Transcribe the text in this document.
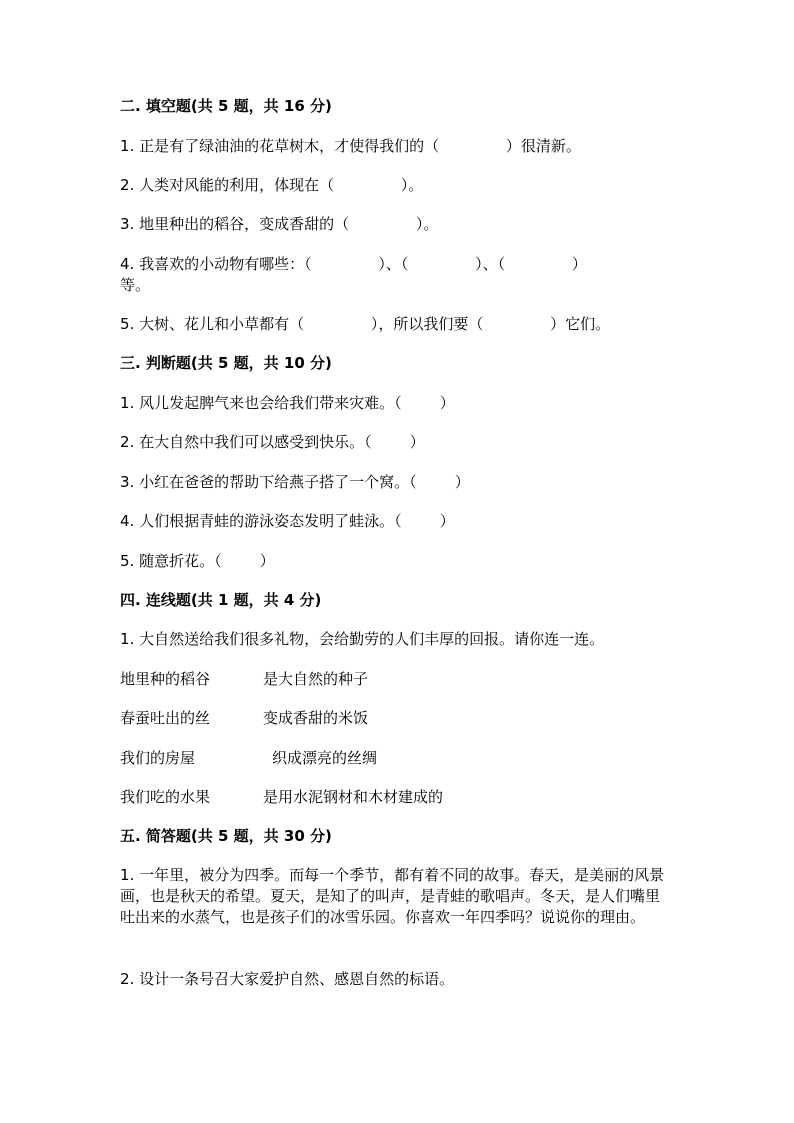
二. 填空题(共 5 题，共 16 分)
1. 正是有了绿油油的花草树木，才使得我们的（              ）很清新。
2. 人类对风能的利用，体现在（              ）。
3. 地里种出的稻谷，变成香甜的（              ）。
4. 我喜欢的小动物有哪些：（              ）、（              ）、（              ）
等。
5. 大树、花儿和小草都有（              ），所以我们要（              ）它们。
三. 判断题(共 5 题，共 10 分)
1. 风儿发起脾气来也会给我们带来灾难。（        ）
2. 在大自然中我们可以感受到快乐。（        ）
3. 小红在爸爸的帮助下给燕子搭了一个窝。（        ）
4. 人们根据青蛙的游泳姿态发明了蛙泳。（        ）
5. 随意折花。（        ）
四. 连线题(共 1 题，共 4 分)
1. 大自然送给我们很多礼物，会给勤劳的人们丰厚的回报。请你连一连。
地里种的稻谷	是大自然的种子
春蚕吐出的丝	变成香甜的米饭
我们的房屋	织成漂亮的丝绸
我们吃的水果	是用水泥钢材和木材建成的
五. 简答题(共 5 题，共 30 分)
1. 一年里，被分为四季。而每一个季节，都有着不同的故事。春天，是美丽的风景画，也是秋天的希望。夏天，是知了的叫声，是青蛙的歌唱声。冬天，是人们嘴里吐出来的水蒸气，也是孩子们的冰雪乐园。你喜欢一年四季吗？说说你的理由。
2. 设计一条号召大家爱护自然、感恩自然的标语。
